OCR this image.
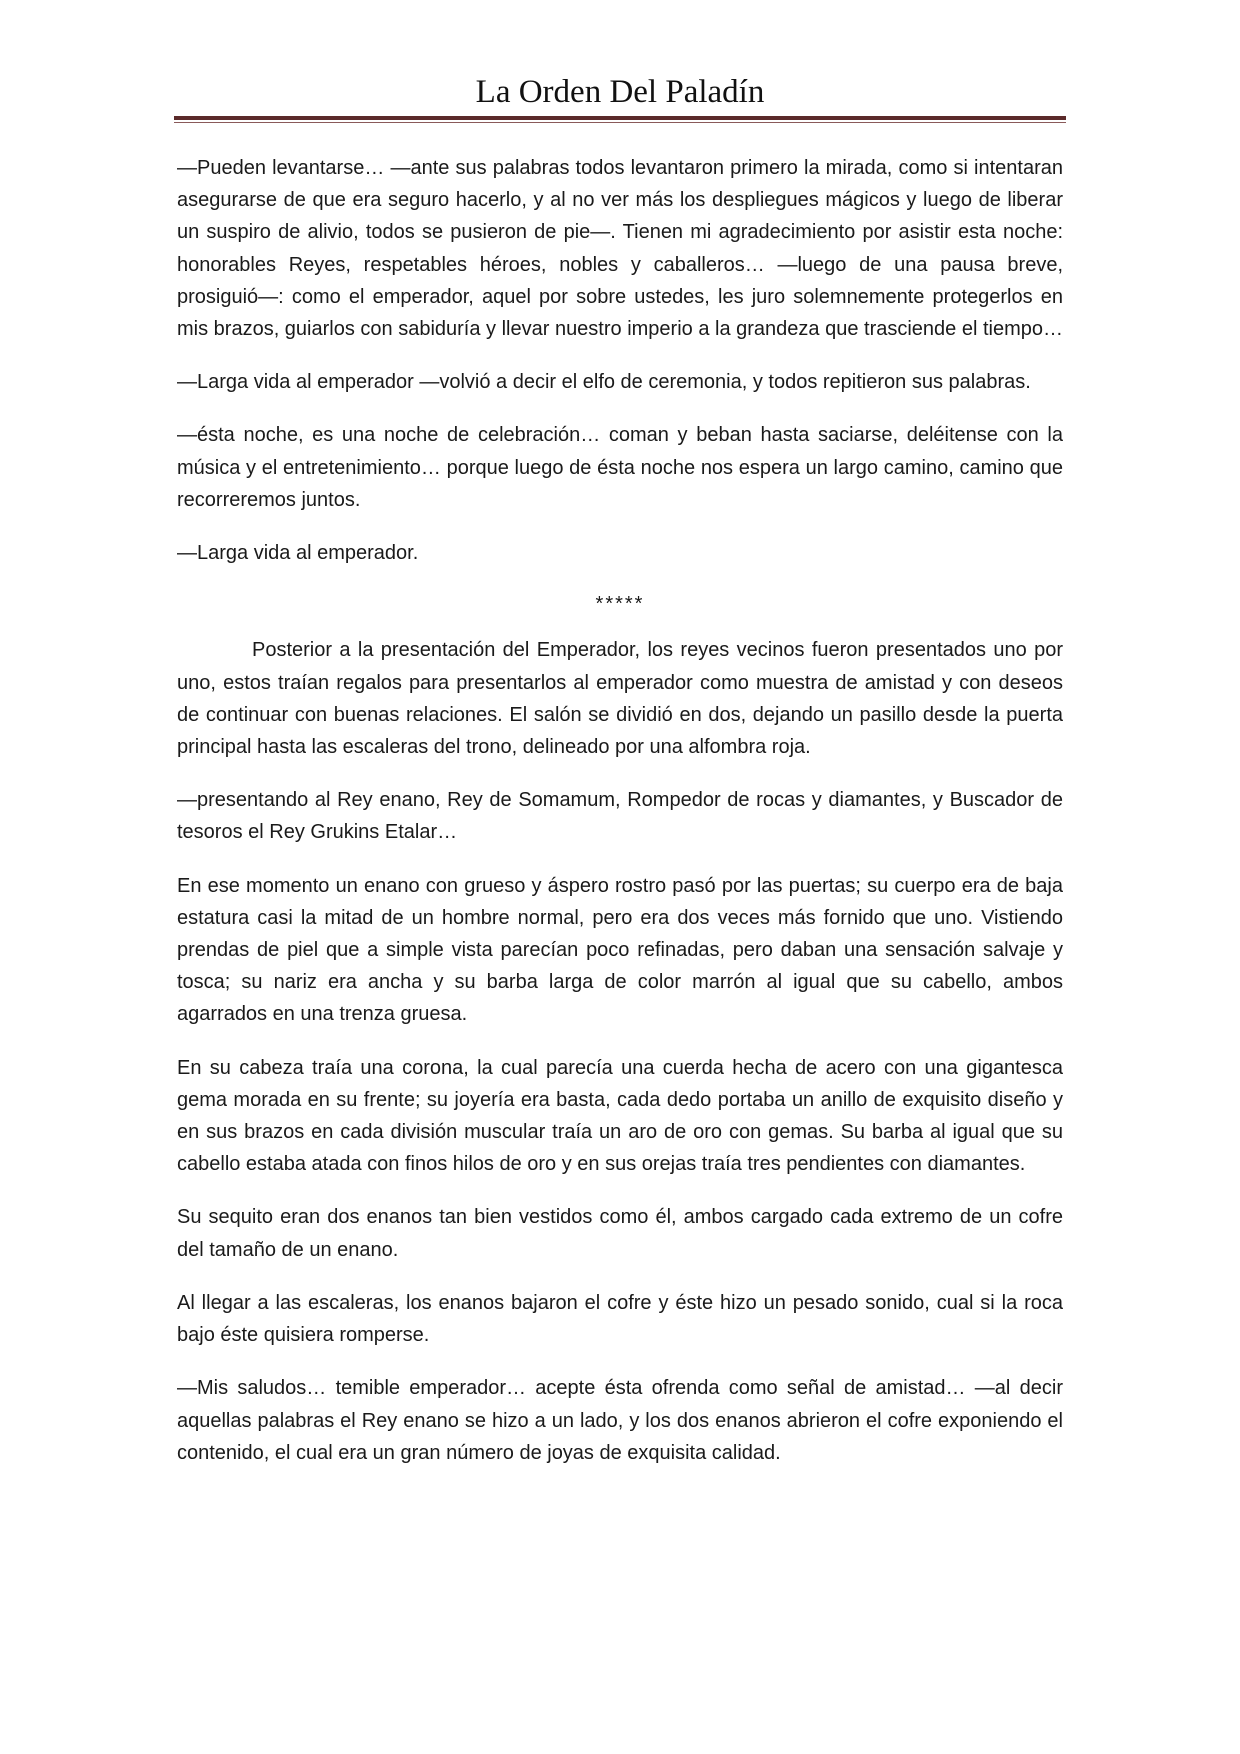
La Orden Del Paladín

—Pueden levantarse… —ante sus palabras todos levantaron primero la mirada, como si intentaran asegurarse de que era seguro hacerlo, y al no ver más los despliegues mágicos y luego de liberar un suspiro de alivio, todos se pusieron de pie—. Tienen mi agradecimiento por asistir esta noche: honorables Reyes, respetables héroes, nobles y caballeros… —luego de una pausa breve, prosiguió—: como el emperador, aquel por sobre ustedes, les juro solemnemente protegerlos en mis brazos, guiarlos con sabiduría y llevar nuestro imperio a la grandeza que trasciende el tiempo…

—Larga vida al emperador —volvió a decir el elfo de ceremonia, y todos repitieron sus palabras.

—ésta noche, es una noche de celebración… coman y beban hasta saciarse, deléitense con la música y el entretenimiento… porque luego de ésta noche nos espera un largo camino, camino que recorreremos juntos.

—Larga vida al emperador.

*****

Posterior a la presentación del Emperador, los reyes vecinos fueron presentados uno por uno, estos traían regalos para presentarlos al emperador como muestra de amistad y con deseos de continuar con buenas relaciones. El salón se dividió en dos, dejando un pasillo desde la puerta principal hasta las escaleras del trono, delineado por una alfombra roja.

—presentando al Rey enano, Rey de Somamum, Rompedor de rocas y diamantes, y Buscador de tesoros el Rey Grukins Etalar…

En ese momento un enano con grueso y áspero rostro pasó por las puertas; su cuerpo era de baja estatura casi la mitad de un hombre normal, pero era dos veces más fornido que uno. Vistiendo prendas de piel que a simple vista parecían poco refinadas, pero daban una sensación salvaje y tosca; su nariz era ancha y su barba larga de color marrón al igual que su cabello, ambos agarrados en una trenza gruesa.

En su cabeza traía una corona, la cual parecía una cuerda hecha de acero con una gigantesca gema morada en su frente; su joyería era basta, cada dedo portaba un anillo de exquisito diseño y en sus brazos en cada división muscular traía un aro de oro con gemas. Su barba al igual que su cabello estaba atada con finos hilos de oro y en sus orejas traía tres pendientes con diamantes.

Su sequito eran dos enanos tan bien vestidos como él, ambos cargado cada extremo de un cofre del tamaño de un enano.

Al llegar a las escaleras, los enanos bajaron el cofre y éste hizo un pesado sonido, cual si la roca bajo éste quisiera romperse.

—Mis saludos… temible emperador… acepte ésta ofrenda como señal de amistad… —al decir aquellas palabras el Rey enano se hizo a un lado, y los dos enanos abrieron el cofre exponiendo el contenido, el cual era un gran número de joyas de exquisita calidad.
